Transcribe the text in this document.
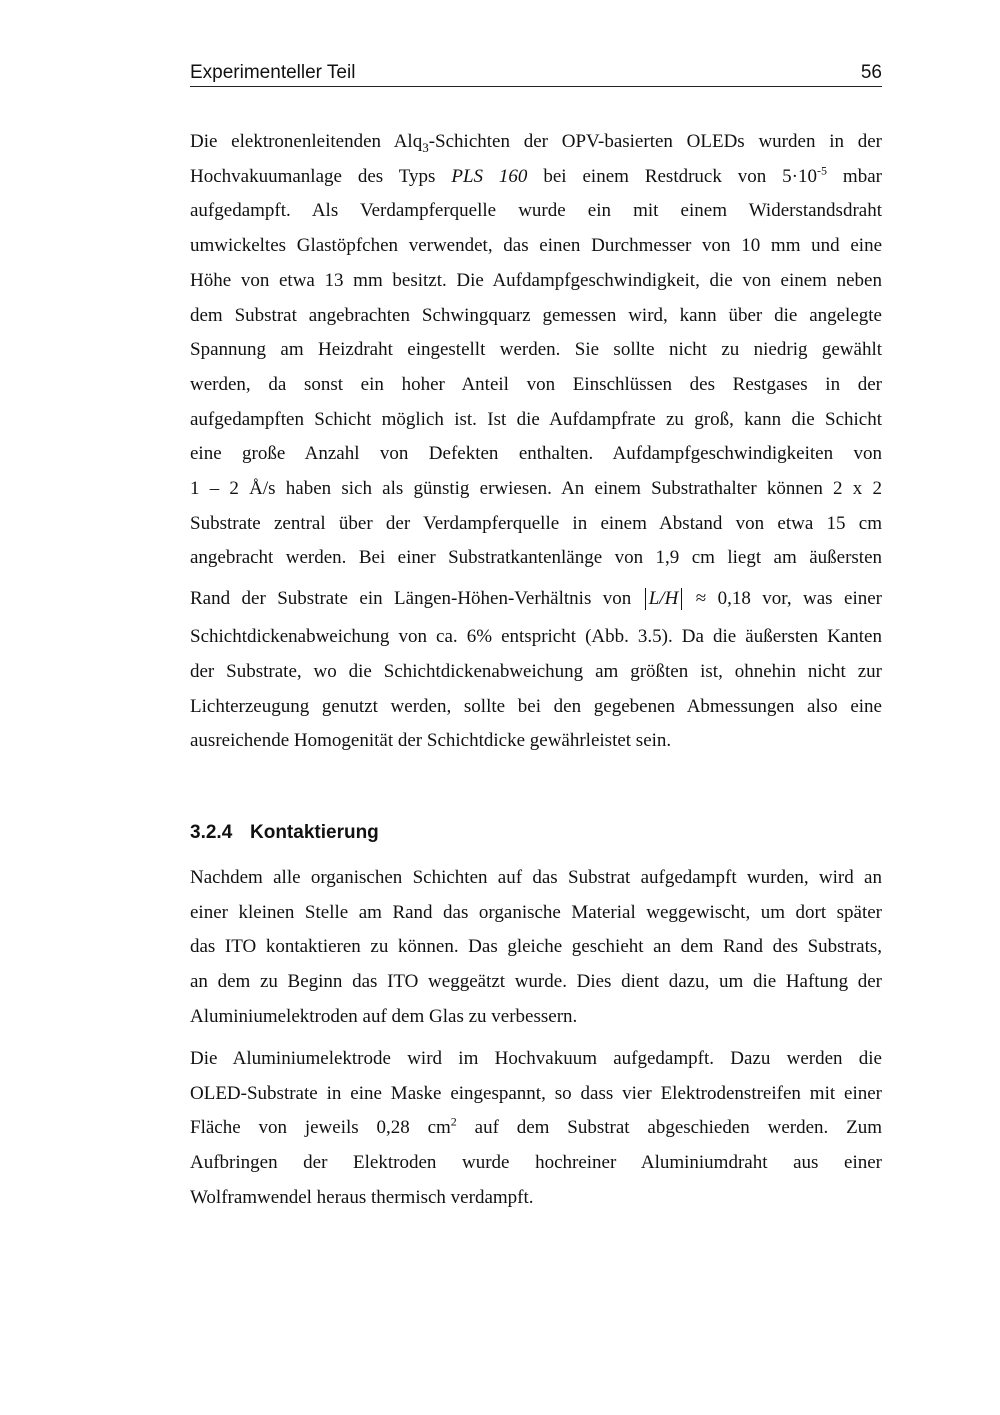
Experimenteller Teil	56
Die elektronenleitenden Alq$_3$-Schichten der OPV-basierten OLEDs wurden in der
Hochvakuumanlage des Typs PLS 160 bei einem Restdruck von $5\cdot 10^{-5}$ mbar
aufgedampft. Als Verdampferquelle wurde ein mit einem Widerstandsdraht
umwickeltes Glastöpfchen verwendet, das einen Durchmesser von 10 mm und eine
Höhe von etwa 13 mm besitzt. Die Aufdampfgeschwindigkeit, die von einem neben
dem Substrat angebrachten Schwingquarz gemessen wird, kann über die angelegte
Spannung am Heizdraht eingestellt werden. Sie sollte nicht zu niedrig gewählt
werden, da sonst ein hoher Anteil von Einschlüssen des Restgases in der
aufgedampften Schicht möglich ist. Ist die Aufdampfrate zu groß, kann die Schicht
eine große Anzahl von Defekten enthalten. Aufdampfgeschwindigkeiten von
1 – 2 Å/s haben sich als günstig erwiesen. An einem Substrathalter können 2 x 2
Substrate zentral über der Verdampferquelle in einem Abstand von etwa 15 cm
angebracht werden. Bei einer Substratkantenlänge von 1,9 cm liegt am äußersten
Rand der Substrate ein Längen-Höhen-Verhältnis von L/H ≈ 0,18 vor, was einer
Schichtdickenabweichung von ca. 6% entspricht (Abb. 3.5). Da die äußersten Kanten
der Substrate, wo die Schichtdickenabweichung am größten ist, ohnehin nicht zur
Lichterzeugung genutzt werden, sollte bei den gegebenen Abmessungen also eine
ausreichende Homogenität der Schichtdicke gewährleistet sein.
3.2.4 Kontaktierung
Nachdem alle organischen Schichten auf das Substrat aufgedampft wurden, wird an
einer kleinen Stelle am Rand das organische Material weggewischt, um dort später
das ITO kontaktieren zu können. Das gleiche geschieht an dem Rand des Substrats,
an dem zu Beginn das ITO weggeätzt wurde. Dies dient dazu, um die Haftung der
Aluminiumelektroden auf dem Glas zu verbessern.
Die Aluminiumelektrode wird im Hochvakuum aufgedampft. Dazu werden die
OLED-Substrate in eine Maske eingespannt, so dass vier Elektrodenstreifen mit einer
Fläche von jeweils 0,28 $cm^2$ auf dem Substrat abgeschieden werden. Zum
Aufbringen der Elektroden wurde hochreiner Aluminiumdraht aus einer
Wolframwendel heraus thermisch verdampft.
